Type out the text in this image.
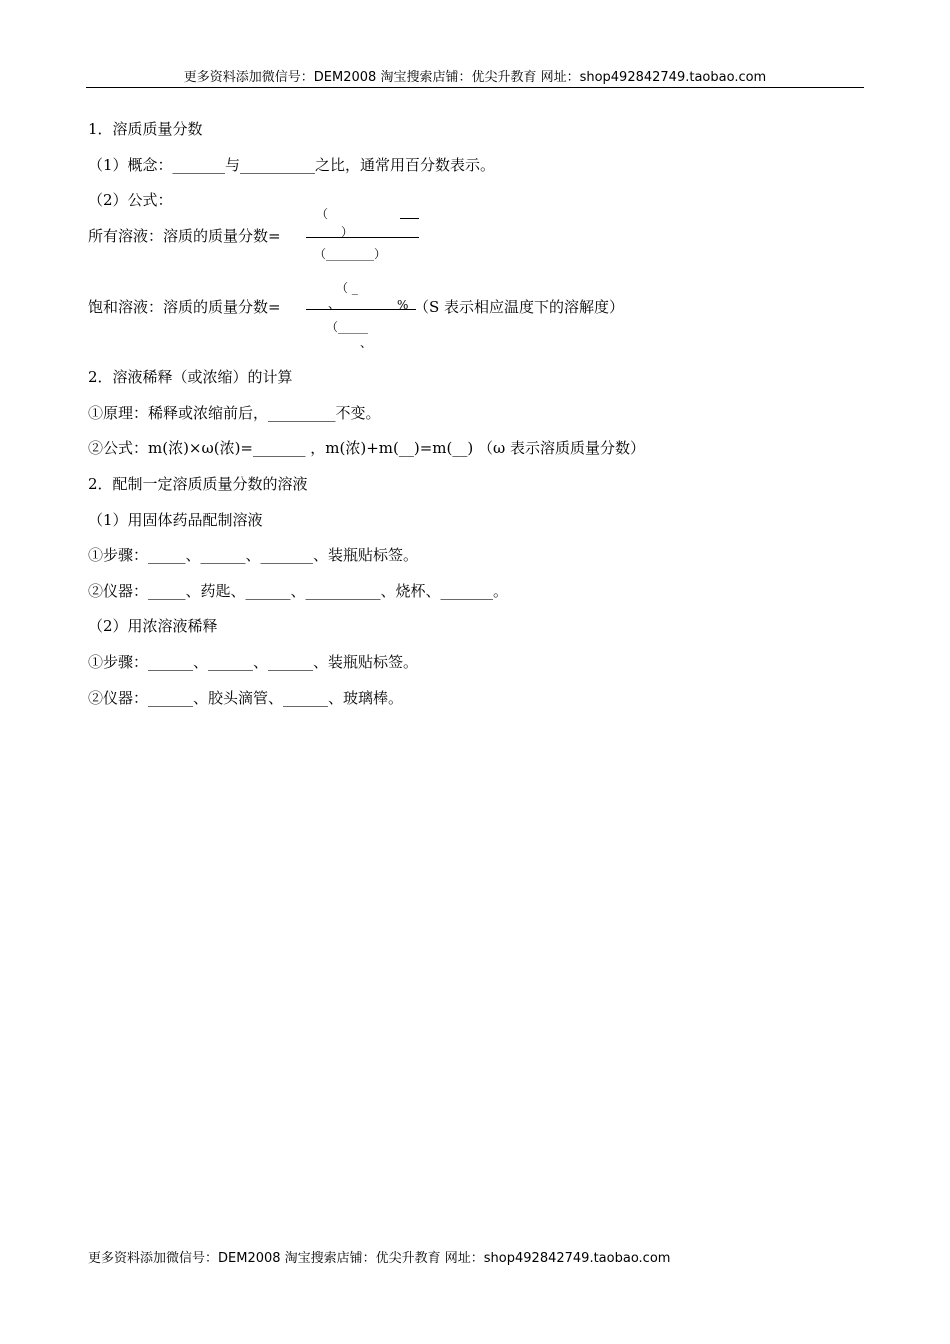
更多资料添加微信号：DEM2008 淘宝搜索店铺：优尖升教育 网址：shop492842749.taobao.com
1．溶质质量分数
（1）概念：_______与__________之比，通常用百分数表示。
（2）公式：
所有溶液：溶质的质量分数=
（
）
（________）
饱和溶液：溶质的质量分数=
（ _
、	% （S 表示相应温度下的溶解度）
（_____
、
2．溶液稀释（或浓缩）的计算
①原理：稀释或浓缩前后，_________不变。
②公式：m(浓)×ω(浓)=_______ ，m(浓)+m(__)=m(__) （ω 表示溶质质量分数）
2．配制一定溶质质量分数的溶液
（1）用固体药品配制溶液
①步骤：_____、______、_______、装瓶贴标签。
②仪器：_____、药匙、______、__________、烧杯、_______。
（2）用浓溶液稀释
①步骤：______、______、______、装瓶贴标签。
②仪器：______、胶头滴管、______、玻璃棒。
更多资料添加微信号：DEM2008 淘宝搜索店铺：优尖升教育 网址：shop492842749.taobao.com
